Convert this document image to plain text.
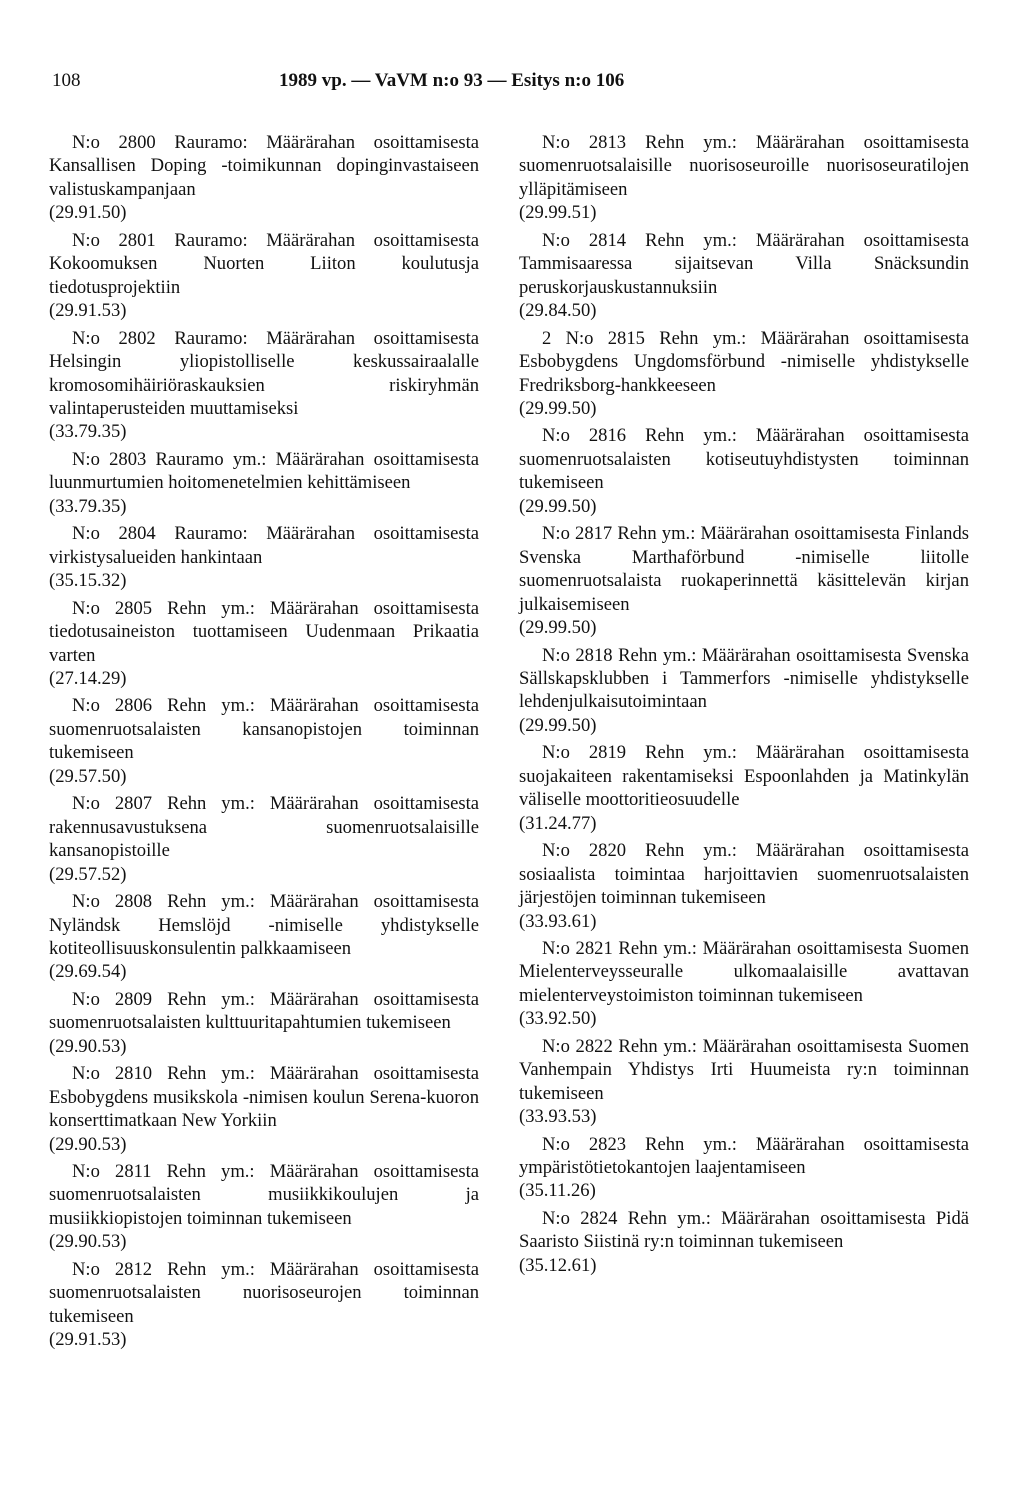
108	1989 vp. — VaVM n:o 93 — Esitys n:o 106
N:o 2800 Rauramo: Määrärahan osoittamisesta Kansallisen Doping -toimikunnan dopinginvastaiseen valistuskampanjaan
(29.91.50)
N:o 2801 Rauramo: Määrärahan osoittamisesta Kokoomuksen Nuorten Liiton koulutusja tiedotusprojektiin
(29.91.53)
N:o 2802 Rauramo: Määrärahan osoittamisesta Helsingin yliopistolliselle keskussairaalalle kromosomihäiriöraskauksien riskiryhmän valintaperusteiden muuttamiseksi
(33.79.35)
N:o 2803 Rauramo ym.: Määrärahan osoittamisesta luunmurtumien hoitomenetelmien kehittämiseen
(33.79.35)
N:o 2804 Rauramo: Määrärahan osoittamisesta virkistysalueiden hankintaan
(35.15.32)
N:o 2805 Rehn ym.: Määrärahan osoittamisesta tiedotusaineiston tuottamiseen Uudenmaan Prikaatia varten
(27.14.29)
N:o 2806 Rehn ym.: Määrärahan osoittamisesta suomenruotsalaisten kansanopistojen toiminnan tukemiseen
(29.57.50)
N:o 2807 Rehn ym.: Määrärahan osoittamisesta rakennusavustuksena suomenruotsalaisille kansanopistoille
(29.57.52)
N:o 2808 Rehn ym.: Määrärahan osoittamisesta Nyländsk Hemslöjd -nimiselle yhdistykselle kotiteollisuuskonsulentin palkkaamiseen
(29.69.54)
N:o 2809 Rehn ym.: Määrärahan osoittamisesta suomenruotsalaisten kulttuuritapahtumien tukemiseen
(29.90.53)
N:o 2810 Rehn ym.: Määrärahan osoittamisesta Esbobygdens musikskola -nimisen koulun Serena-kuoron konserttimatkaan New Yorkiin
(29.90.53)
N:o 2811 Rehn ym.: Määrärahan osoittamisesta suomenruotsalaisten musiikkikoulujen ja musiikkiopistojen toiminnan tukemiseen
(29.90.53)
N:o 2812 Rehn ym.: Määrärahan osoittamisesta suomenruotsalaisten nuorisoseurojen toiminnan tukemiseen
(29.91.53)
N:o 2813 Rehn ym.: Määrärahan osoittamisesta suomenruotsalaisille nuorisoseuroille nuorisoseuratilojen ylläpitämiseen
(29.99.51)
N:o 2814 Rehn ym.: Määrärahan osoittamisesta Tammisaaressa sijaitsevan Villa Snäcksundin peruskorjauskustannuksiin
(29.84.50)
2 N:o 2815 Rehn ym.: Määrärahan osoittamisesta Esbobygdens Ungdomsförbund -nimiselle yhdistykselle Fredriksborg-hankkeeseen
(29.99.50)
N:o 2816 Rehn ym.: Määrärahan osoittamisesta suomenruotsalaisten kotiseutuyhdistysten toiminnan tukemiseen
(29.99.50)
N:o 2817 Rehn ym.: Määrärahan osoittamisesta Finlands Svenska Marthaförbund -nimiselle liitolle suomenruotsalaista ruokaperinnettä käsittelevän kirjan julkaisemiseen
(29.99.50)
N:o 2818 Rehn ym.: Määrärahan osoittamisesta Svenska Sällskapsklubben i Tammerfors -nimiselle yhdistykselle lehdenjulkaisutoimintaan
(29.99.50)
N:o 2819 Rehn ym.: Määrärahan osoittamisesta suojakaiteen rakentamiseksi Espoonlahden ja Matinkylän väliselle moottoritieosuudelle
(31.24.77)
N:o 2820 Rehn ym.: Määrärahan osoittamisesta sosiaalista toimintaa harjoittavien suomenruotsalaisten järjestöjen toiminnan tukemiseen
(33.93.61)
N:o 2821 Rehn ym.: Määrärahan osoittamisesta Suomen Mielenterveysseuralle ulkomaalaisille avattavan mielenterveystoimiston toiminnan tukemiseen
(33.92.50)
N:o 2822 Rehn ym.: Määrärahan osoittamisesta Suomen Vanhempain Yhdistys Irti Huumeista ry:n toiminnan tukemiseen
(33.93.53)
N:o 2823 Rehn ym.: Määrärahan osoittamisesta ympäristötietokantojen laajentamiseen
(35.11.26)
N:o 2824 Rehn ym.: Määrärahan osoittamisesta Pidä Saaristo Siistinä ry:n toiminnan tukemiseen
(35.12.61)
